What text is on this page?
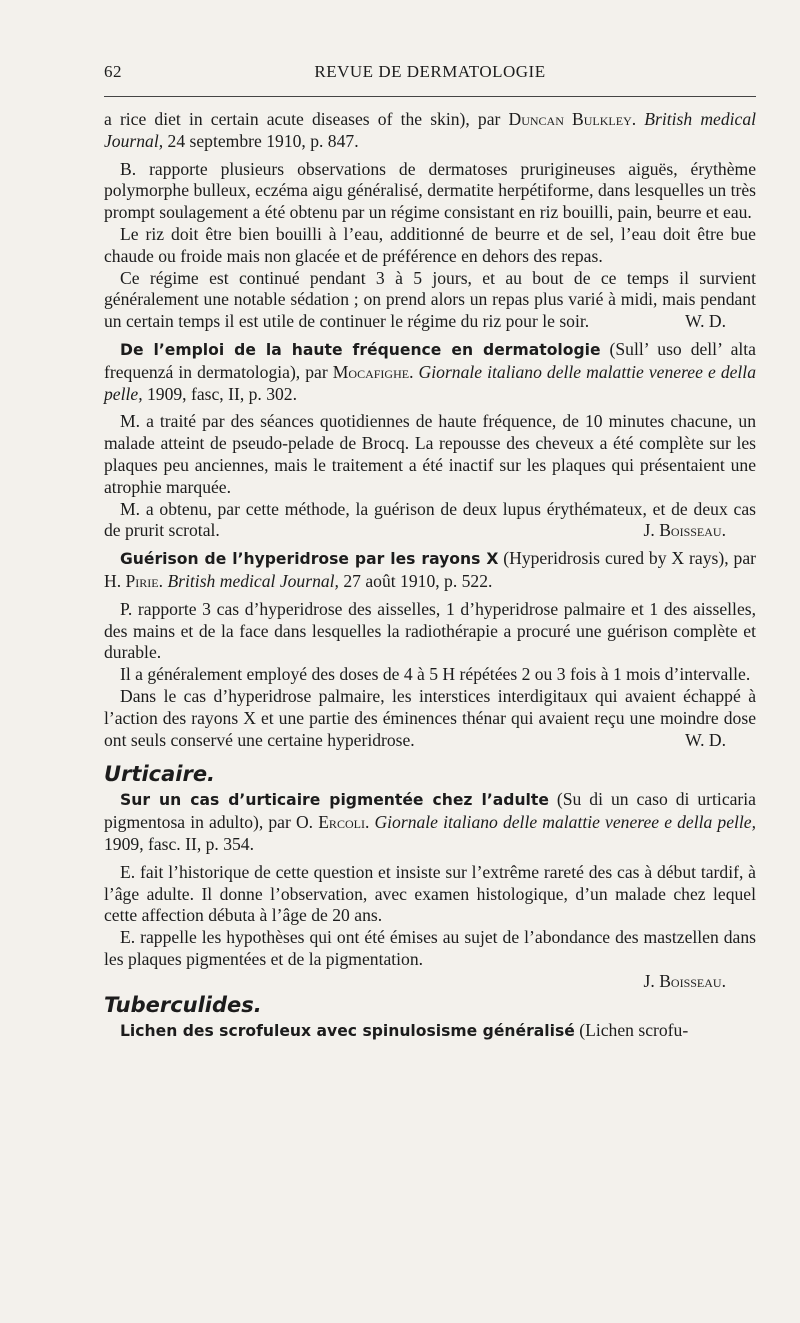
62	REVUE DE DERMATOLOGIE

a rice diet in certain acute diseases of the skin), par Duncan Bulkley. British medical Journal, 24 septembre 1910, p. 847.

B. rapporte plusieurs observations de dermatoses prurigineuses aiguës, érythème polymorphe bulleux, eczéma aigu généralisé, dermatite herpétiforme, dans lesquelles un très prompt soulagement a été obtenu par un régime consistant en riz bouilli, pain, beurre et eau.

Le riz doit être bien bouilli à l’eau, additionné de beurre et de sel, l’eau doit être bue chaude ou froide mais non glacée et de préférence en dehors des repas.

Ce régime est continué pendant 3 à 5 jours, et au bout de ce temps il survient généralement une notable sédation ; on prend alors un repas plus varié à midi, mais pendant un certain temps il est utile de continuer le régime du riz pour le soir.	W. D.

De l’emploi de la haute fréquence en dermatologie (Sull’ uso dell’ alta frequenzá in dermatologia), par Mocafighe. Giornale italiano delle malattie veneree e della pelle, 1909, fasc, II, p. 302.

M. a traité par des séances quotidiennes de haute fréquence, de 10 minutes chacune, un malade atteint de pseudo-pelade de Brocq. La repousse des cheveux a été complète sur les plaques peu anciennes, mais le traitement a été inactif sur les plaques qui présentaient une atrophie marquée.

M. a obtenu, par cette méthode, la guérison de deux lupus érythémateux, et de deux cas de prurit scrotal.	J. Boisseau.

Guérison de l’hyperidrose par les rayons X (Hyperidrosis cured by X rays), par H. Pirie. British medical Journal, 27 août 1910, p. 522.

P. rapporte 3 cas d’hyperidrose des aisselles, 1 d’hyperidrose palmaire et 1 des aisselles, des mains et de la face dans lesquelles la radiothérapie a procuré une guérison complète et durable.

Il a généralement employé des doses de 4 à 5 H répétées 2 ou 3 fois à 1 mois d’intervalle.

Dans le cas d’hyperidrose palmaire, les interstices interdigitaux qui avaient échappé à l’action des rayons X et une partie des éminences thénar qui avaient reçu une moindre dose ont seuls conservé une certaine hyperidrose.	W. D.

Urticaire.

Sur un cas d’urticaire pigmentée chez l’adulte (Su di un caso di urticaria pigmentosa in adulto), par O. Ercoli. Giornale italiano delle malattie veneree e della pelle, 1909, fasc. II, p. 354.

E. fait l’historique de cette question et insiste sur l’extrême rareté des cas à début tardif, à l’âge adulte. Il donne l’observation, avec examen histologique, d’un malade chez lequel cette affection débuta à l’âge de 20 ans.

E. rappelle les hypothèses qui ont été émises au sujet de l’abondance des mastzellen dans les plaques pigmentées et de la pigmentation.

J. Boisseau.

Tuberculides.

Lichen des scrofuleux avec spinulosisme généralisé (Lichen scrofu-
